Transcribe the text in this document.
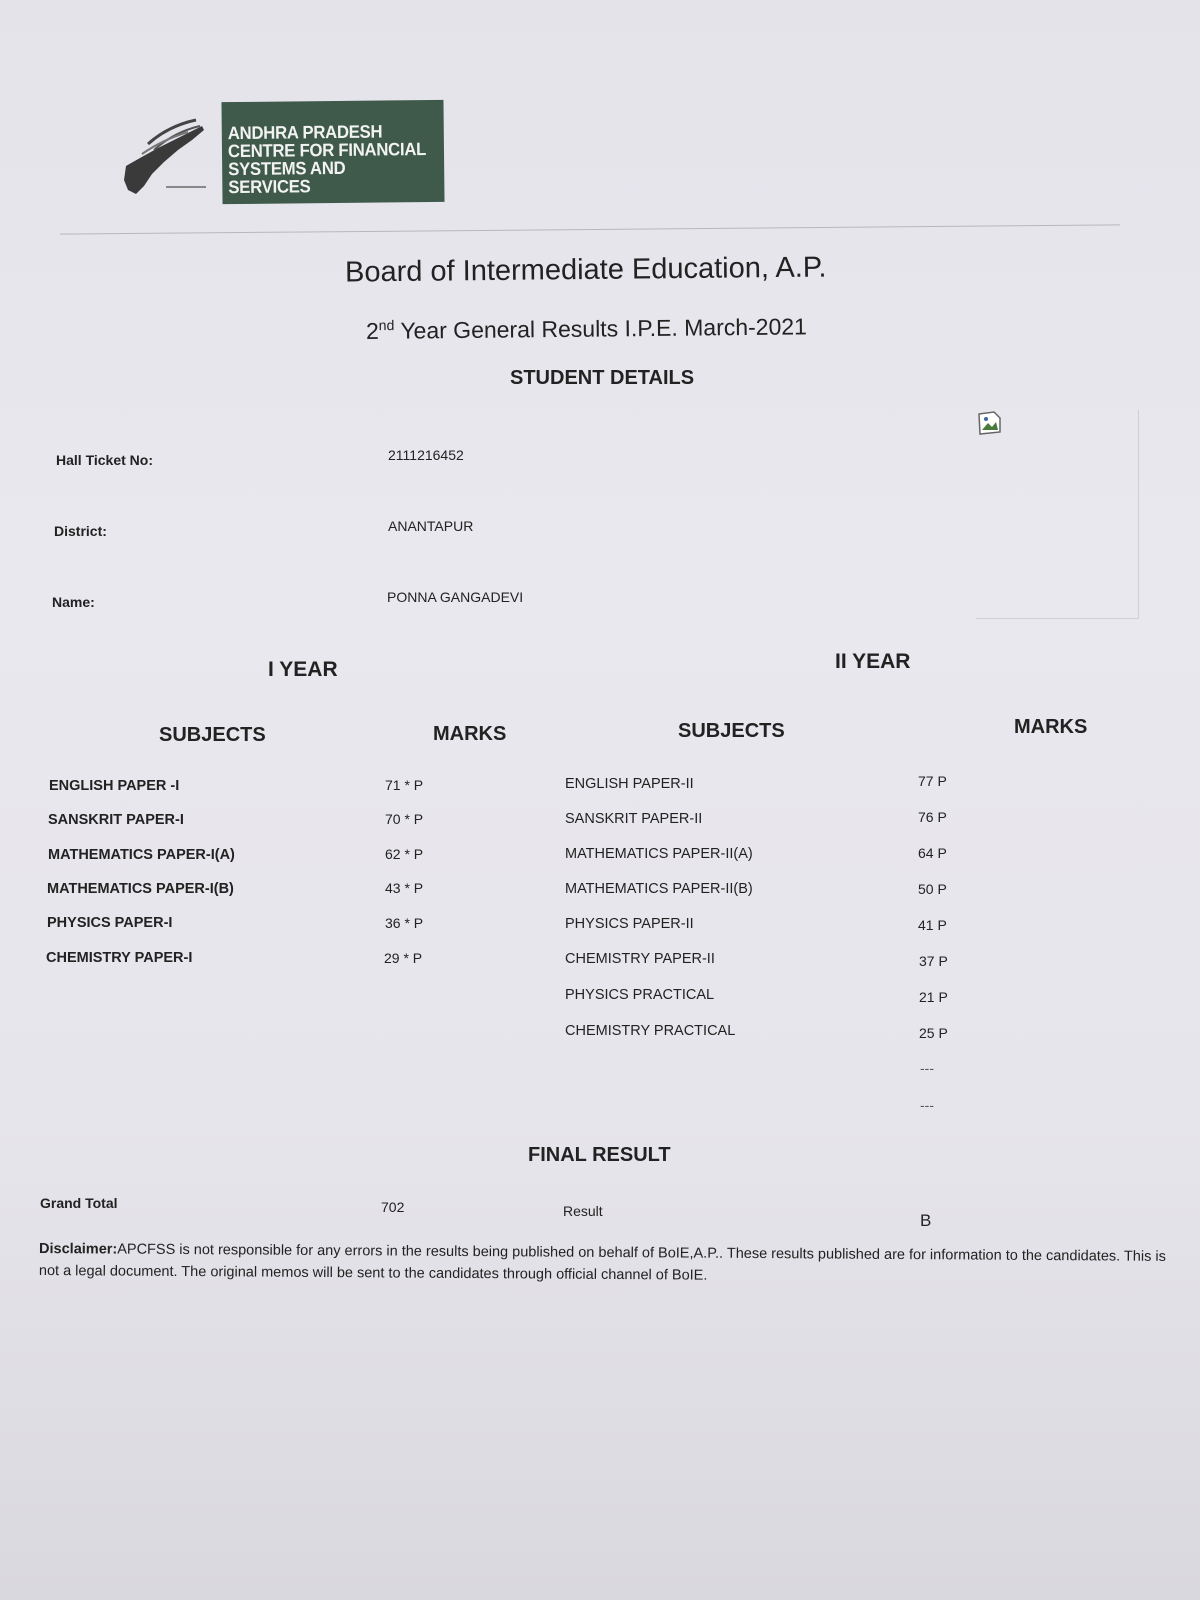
ANDHRA PRADESH
CENTRE FOR FINANCIAL
SYSTEMS AND SERVICES
Board of Intermediate Education, A.P.
2nd Year General Results I.P.E. March-2021
STUDENT DETAILS
Hall Ticket No:	2111216452
District:	ANANTAPUR
Name:	PONNA GANGADEVI
I YEAR	II YEAR
SUBJECTS	MARKS	SUBJECTS	MARKS
ENGLISH PAPER -I	71 * P
SANSKRIT PAPER-I	70 * P
MATHEMATICS PAPER-I(A)	62 * P
MATHEMATICS PAPER-I(B)	43 * P
PHYSICS PAPER-I	36 * P
CHEMISTRY PAPER-I	29 * P
ENGLISH PAPER-II	77 P
SANSKRIT PAPER-II	76 P
MATHEMATICS PAPER-II(A)	64 P
MATHEMATICS PAPER-II(B)	50 P
PHYSICS PAPER-II	41 P
CHEMISTRY PAPER-II	37 P
PHYSICS PRACTICAL	21 P
CHEMISTRY PRACTICAL	25 P
---
---
FINAL RESULT
Grand Total	702	Result	B
Disclaimer:APCFSS is not responsible for any errors in the results being published on behalf of BoIE,A.P.. These results published are for information to the candidates. This is not a legal document. The original memos will be sent to the candidates through official channel of BoIE.
